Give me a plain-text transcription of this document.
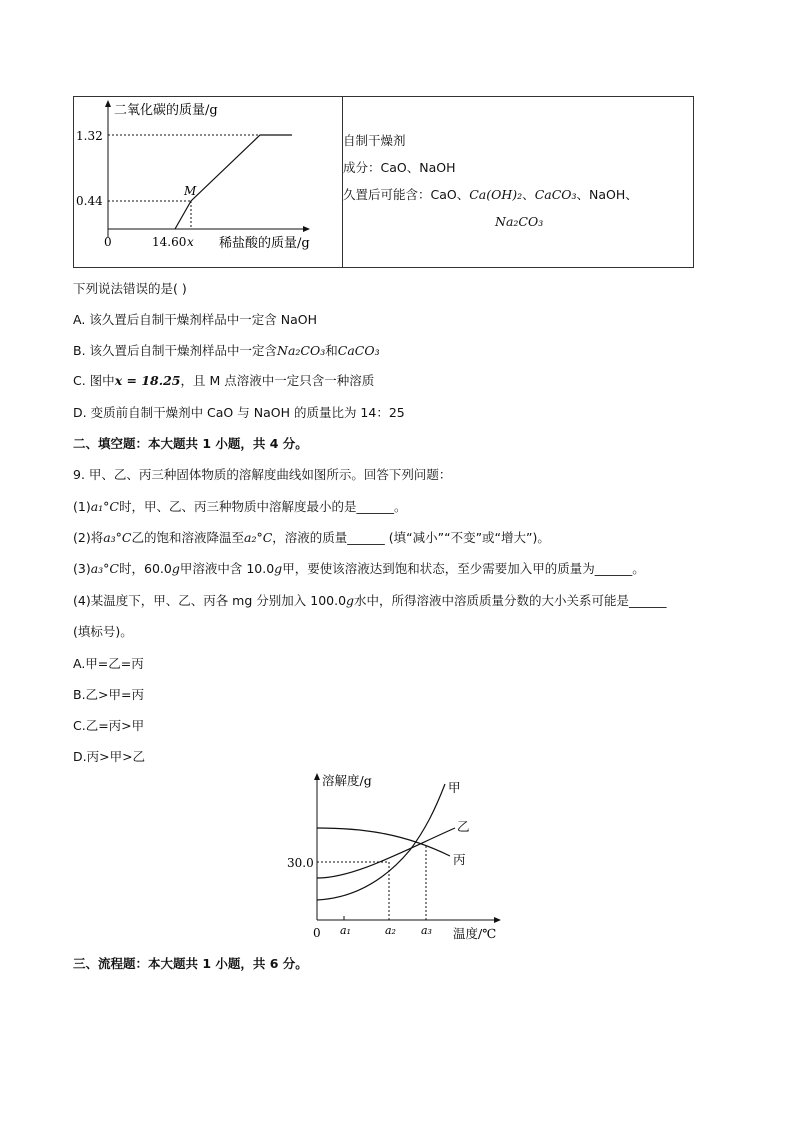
二氧化碳的质量/g
1.32
0.44
0	14.60 x 稀盐酸的质量/g
M
自制干燥剂
成分：CaO、NaOH
久置后可能含：CaO、Ca(OH)₂、CaCO₃、NaOH、
Na₂CO₃
下列说法错误的是( )
A. 该久置后自制干燥剂样品中一定含 NaOH
B. 该久置后自制干燥剂样品中一定含Na₂CO₃和CaCO₃
C. 图中x = 18.25，且 M 点溶液中一定只含一种溶质
D. 变质前自制干燥剂中 CaO 与 NaOH 的质量比为 14：25
二、填空题：本大题共 1 小题，共 4 分。
9. 甲、乙、丙三种固体物质的溶解度曲线如图所示。回答下列问题：
(1)a₁°C时，甲、乙、丙三种物质中溶解度最小的是______。
(2)将a₃°C乙的饱和溶液降温至a₂°C，溶液的质量______ (填“减小”“不变”或“增大”)。
(3)a₃°C时，60.0g甲溶液中含 10.0g甲，要使该溶液达到饱和状态，至少需要加入甲的质量为______。
(4)某温度下，甲、乙、丙各 mg 分别加入 100.0g水中，所得溶液中溶质质量分数的大小关系可能是______
(填标号)。
A.甲=乙=丙
B.乙>甲=丙
C.乙=丙>甲
D.丙>甲>乙
溶解度/g
30.0
0 a₁	a₂ a₃ 温度/℃
甲
乙
丙
三、流程题：本大题共 1 小题，共 6 分。
